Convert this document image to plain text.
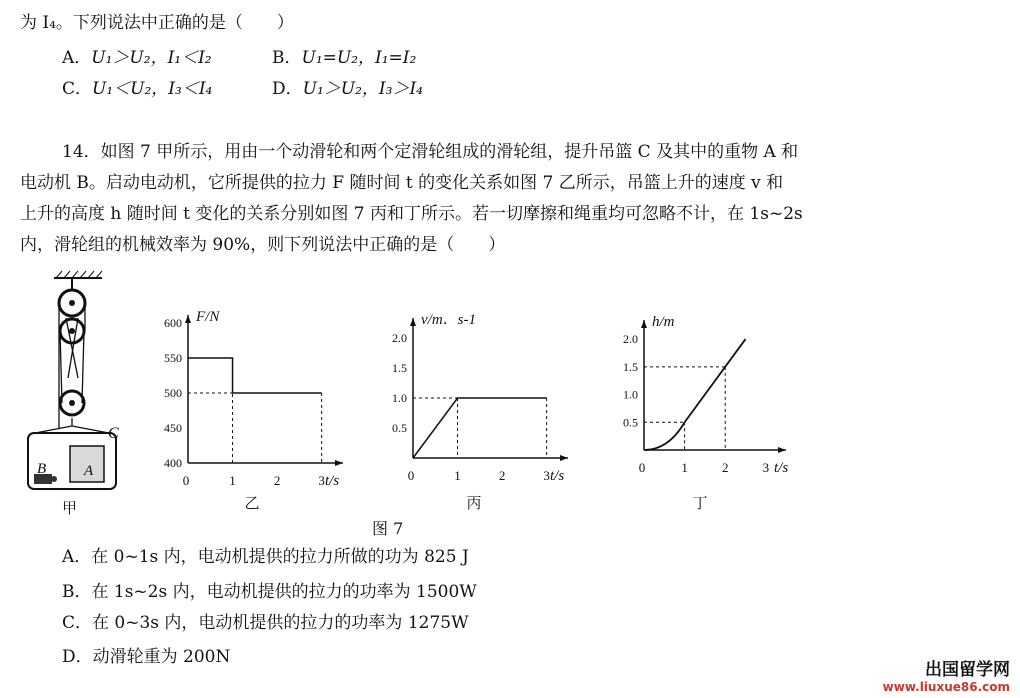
为 I₄。下列说法中正确的是（　　）
A．U₁＞U₂，I₁＜I₂	B．U₁=U₂，I₁=I₂
C．U₁＜U₂，I₃＜I₄	D．U₁＞U₂，I₃＞I₄
14．如图 7 甲所示，用由一个动滑轮和两个定滑轮组成的滑轮组，提升吊篮 C 及其中的重物 A 和
电动机 B。启动电动机，它所提供的拉力 F 随时间 t 的变化关系如图 7 乙所示，吊篮上升的速度 v 和
上升的高度 h 随时间 t 变化的关系分别如图 7 丙和丁所示。若一切摩擦和绳重均可忽略不计，在 1s~2s
内，滑轮组的机械效率为 90%，则下列说法中正确的是（　　）
C
B	A
甲
F/N
t/s
0	1	2	3
400
450
500
550
600
乙
v/m．s-1
t/s
0	1	2	3
0.5
1.0
1.5
2.0
丙
h/m
t/s
0	1	2	3
0.5
1.0
1.5
2.0
丁
图 7
A．在 0~1s 内，电动机提供的拉力所做的功为 825 J
B．在 1s~2s 内，电动机提供的拉力的功率为 1500W
C．在 0~3s 内，电动机提供的拉力的功率为 1275W
D．动滑轮重为 200N
出国留学网
www.liuxue86.com
